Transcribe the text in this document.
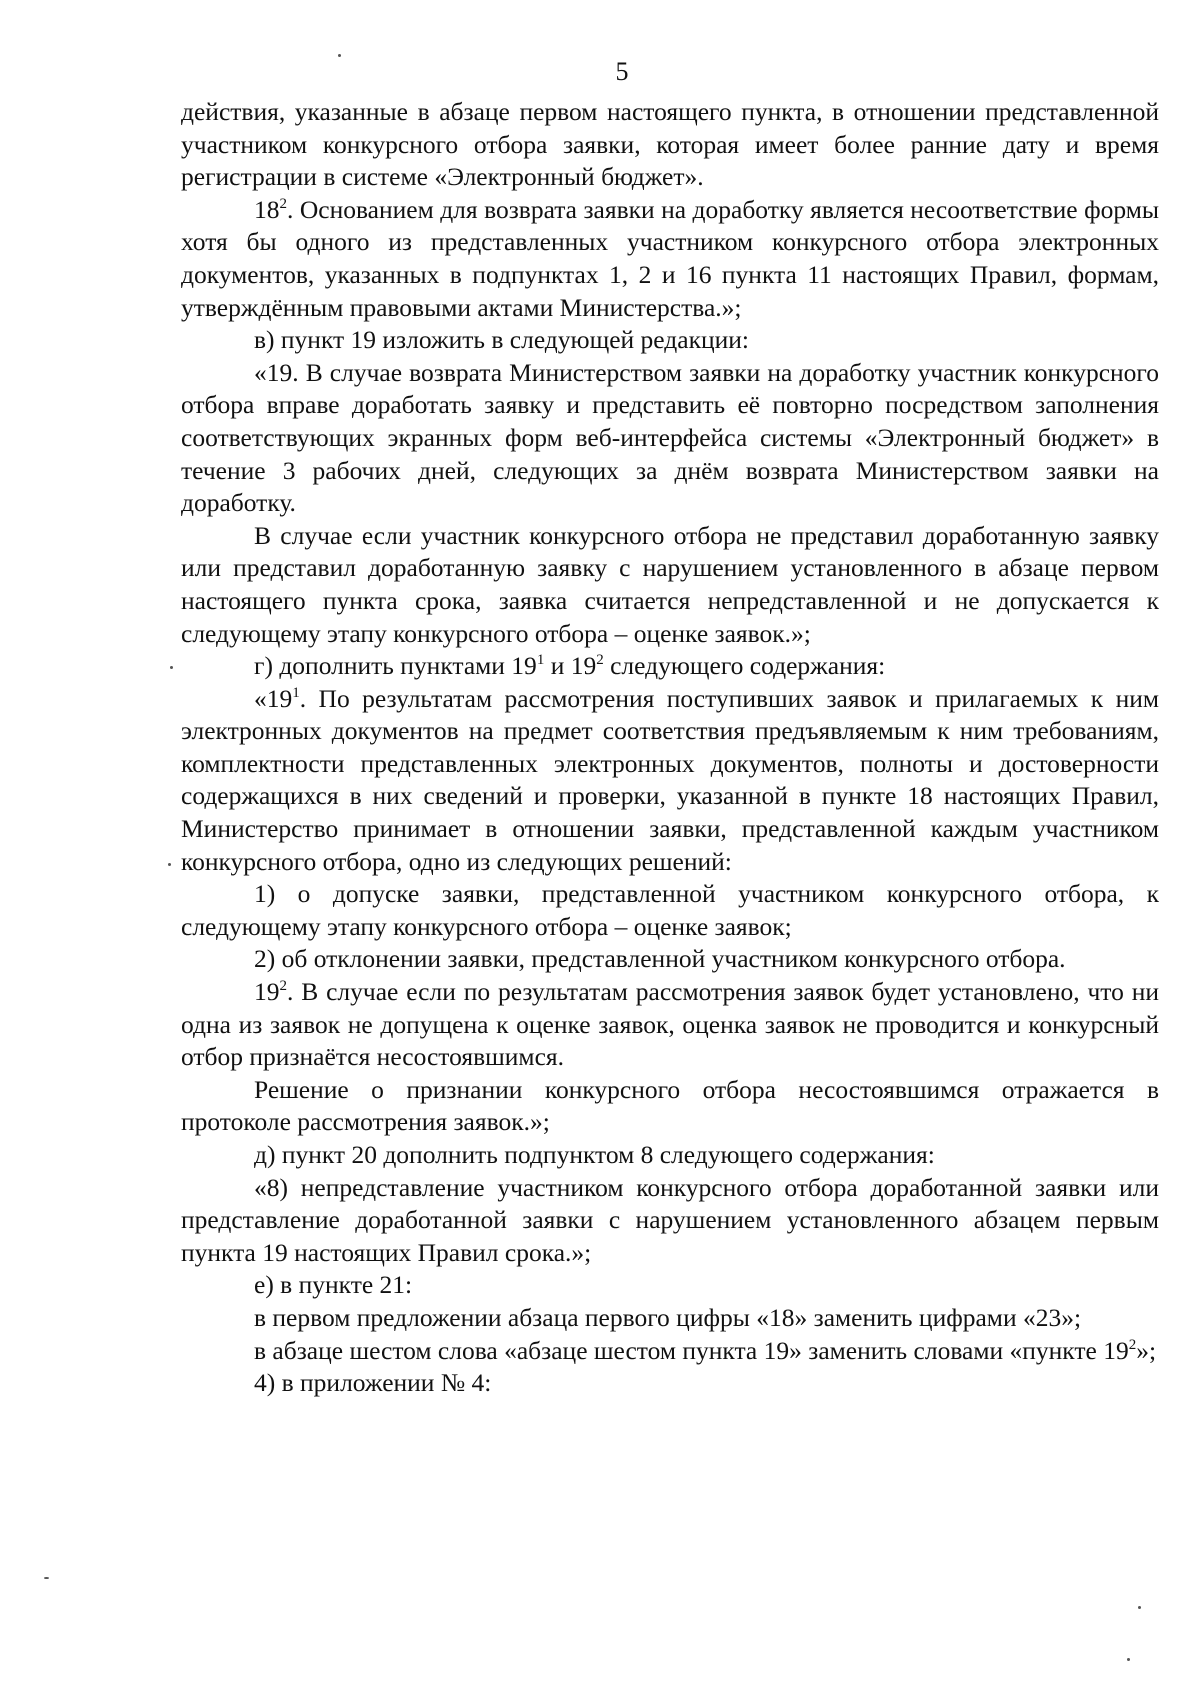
5

действия, указанные в абзаце первом настоящего пункта, в отношении представленной участником конкурсного отбора заявки, которая имеет более ранние дату и время регистрации в системе «Электронный бюджет».

$18^2$. Основанием для возврата заявки на доработку является несоответствие формы хотя бы одного из представленных участником конкурсного отбора электронных документов, указанных в подпунктах 1, 2 и 16 пункта 11 настоящих Правил, формам, утверждённым правовыми актами Министерства.»;

в) пункт 19 изложить в следующей редакции:

«19. В случае возврата Министерством заявки на доработку участник конкурсного отбора вправе доработать заявку и представить её повторно посредством заполнения соответствующих экранных форм веб-интерфейса системы «Электронный бюджет» в течение 3 рабочих дней, следующих за днём возврата Министерством заявки на доработку.

В случае если участник конкурсного отбора не представил доработанную заявку или представил доработанную заявку с нарушением установленного в абзаце первом настоящего пункта срока, заявка считается непредставленной и не допускается к следующему этапу конкурсного отбора – оценке заявок.»;

г) дополнить пунктами $19^1$ и $19^2$ следующего содержания:

«$19^1$. По результатам рассмотрения поступивших заявок и прилагаемых к ним электронных документов на предмет соответствия предъявляемым к ним требованиям, комплектности представленных электронных документов, полноты и достоверности содержащихся в них сведений и проверки, указанной в пункте 18 настоящих Правил, Министерство принимает в отношении заявки, представленной каждым участником конкурсного отбора, одно из следующих решений:

1) о допуске заявки, представленной участником конкурсного отбора, к следующему этапу конкурсного отбора – оценке заявок;

2) об отклонении заявки, представленной участником конкурсного отбора.

$19^2$. В случае если по результатам рассмотрения заявок будет установлено, что ни одна из заявок не допущена к оценке заявок, оценка заявок не проводится и конкурсный отбор признаётся несостоявшимся.

Решение о признании конкурсного отбора несостоявшимся отражается в протоколе рассмотрения заявок.»;

д) пункт 20 дополнить подпунктом 8 следующего содержания:

«8) непредставление участником конкурсного отбора доработанной заявки или представление доработанной заявки с нарушением установленного абзацем первым пункта 19 настоящих Правил срока.»;

е) в пункте 21:

в первом предложении абзаца первого цифры «18» заменить цифрами «23»;

в абзаце шестом слова «абзаце шестом пункта 19» заменить словами «пункте $19^2$»;

4) в приложении № 4:
